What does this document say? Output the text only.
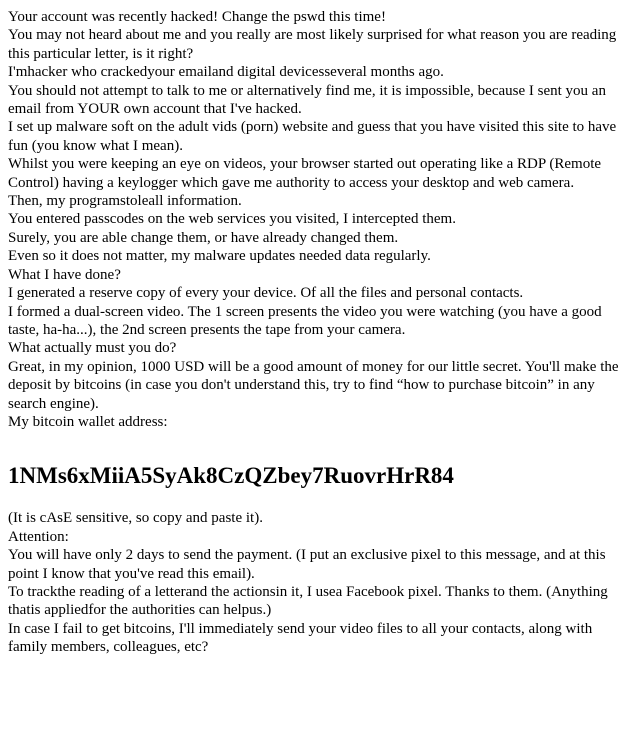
Your account was recently hacked! Change the pswd this time!

You may not heard about me and you really are most likely surprised for what reason you are reading this particular letter, is it right?

I'mhacker who crackedyour emailand digital devicesseveral months ago.

You should not attempt to talk to me or alternatively find me, it is impossible, because I sent you an email from YOUR own account that I've hacked.

I set up malware soft on the adult vids (porn) website and guess that you have visited this site to have fun (you know what I mean).

Whilst you were keeping an eye on videos, your browser started out operating like a RDP (Remote Control) having a keylogger which gave me authority to access your desktop and web camera.

Then, my programstoleall information.

You entered passcodes on the web services you visited, I intercepted them.

Surely, you are able change them, or have already changed them.

Even so it does not matter, my malware updates needed data regularly.

What I have done?

I generated a reserve copy of every your device. Of all the files and personal contacts.

I formed a dual-screen video. The 1 screen presents the video you were watching (you have a good taste, ha-ha...), the 2nd screen presents the tape from your camera.

What actually must you do?

Great, in my opinion, 1000 USD will be a good amount of money for our little secret. You'll make the deposit by bitcoins (in case you don't understand this, try to find “how to purchase bitcoin” in any search engine).

My bitcoin wallet address:

1NMs6xMiiA5SyAk8CzQZbey7RuovrHrR84

(It is cAsE sensitive, so copy and paste it).

Attention:

You will have only 2 days to send the payment. (I put an exclusive pixel to this message, and at this point I know that you've read this email).

To trackthe reading of a letterand the actionsin it, I usea Facebook pixel. Thanks to them. (Anything thatis appliedfor the authorities can helpus.)

In case I fail to get bitcoins, I'll immediately send your video files to all your contacts, along with family members, colleagues, etc?
